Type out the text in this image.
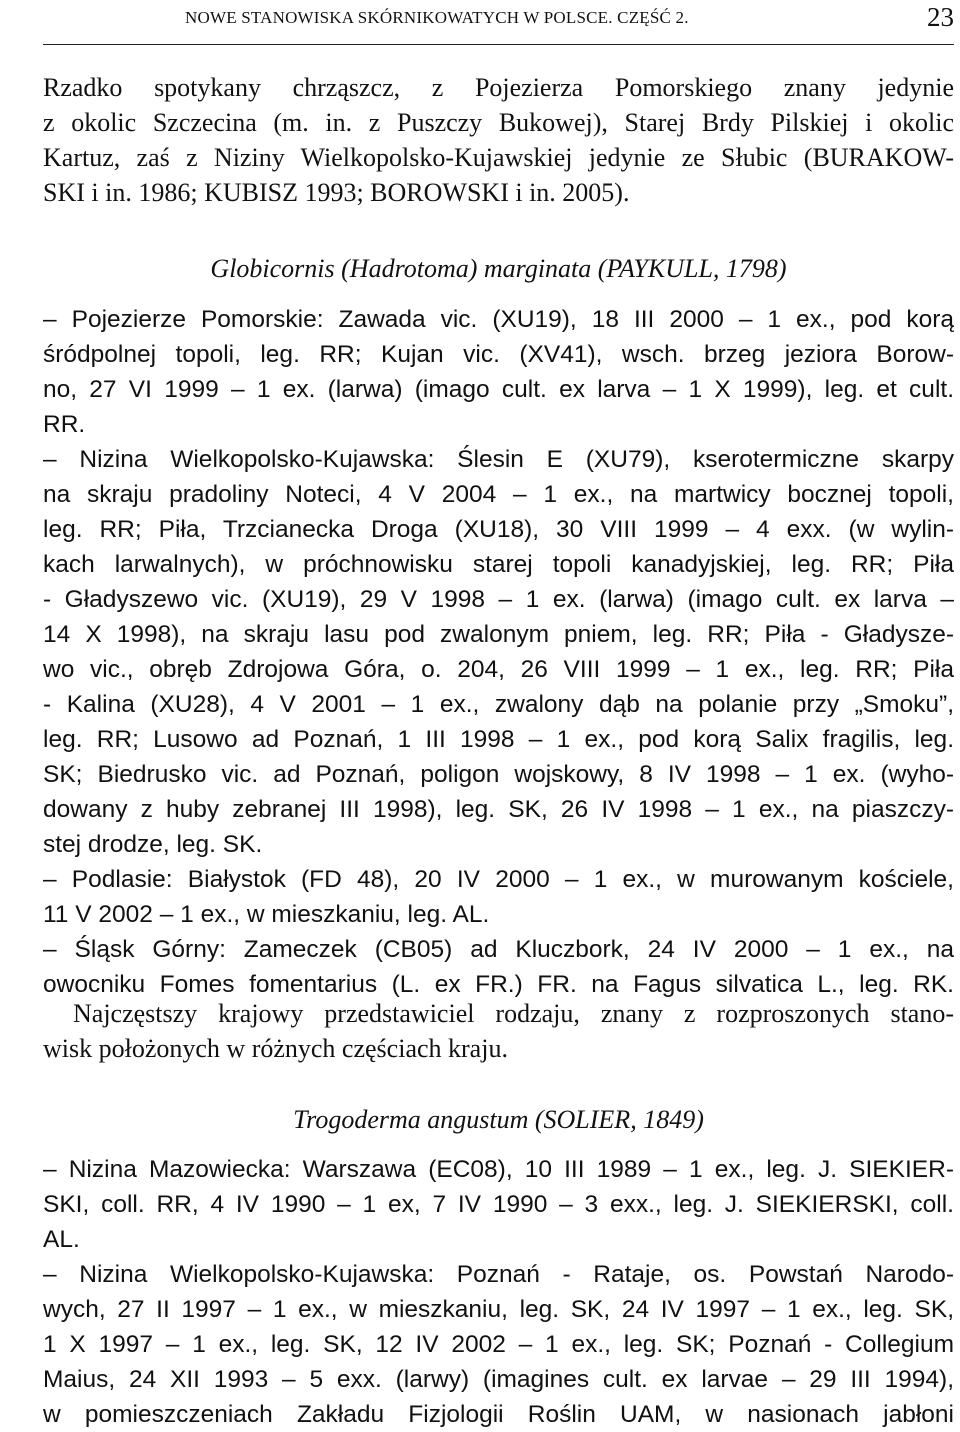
NOWE STANOWISKA SKÓRNIKOWATYCH W POLSCE. CZĘŚĆ 2.	23
Rzadko spotykany chrząszcz, z Pojezierza Pomorskiego znany jedynie
z okolic Szczecina (m. in. z Puszczy Bukowej), Starej Brdy Pilskiej i okolic
Kartuz, zaś z Niziny Wielkopolsko-Kujawskiej jedynie ze Słubic (BURAKOW-
SKI i in. 1986; KUBISZ 1993; BOROWSKI i in. 2005).
Globicornis (Hadrotoma) marginata (PAYKULL, 1798)
– Pojezierze Pomorskie: Zawada vic. (XU19), 18 III 2000 – 1 ex., pod korą
śródpolnej topoli, leg. RR; Kujan vic. (XV41), wsch. brzeg jeziora Borow-
no, 27 VI 1999 – 1 ex. (larwa) (imago cult. ex larva – 1 X 1999), leg. et cult.
RR.
– Nizina Wielkopolsko-Kujawska: Ślesin E (XU79), kserotermiczne skarpy
na skraju pradoliny Noteci, 4 V 2004 – 1 ex., na martwicy bocznej topoli,
leg. RR; Piła, Trzcianecka Droga (XU18), 30 VIII 1999 – 4 exx. (w wylin-
kach larwalnych), w próchnowisku starej topoli kanadyjskiej, leg. RR; Piła
- Gładyszewo vic. (XU19), 29 V 1998 – 1 ex. (larwa) (imago cult. ex larva –
14 X 1998), na skraju lasu pod zwalonym pniem, leg. RR; Piła - Gładysze-
wo vic., obręb Zdrojowa Góra, o. 204, 26 VIII 1999 – 1 ex., leg. RR; Piła
- Kalina (XU28), 4 V 2001 – 1 ex., zwalony dąb na polanie przy „Smoku”,
leg. RR; Lusowo ad Poznań, 1 III 1998 – 1 ex., pod korą Salix fragilis, leg.
SK; Biedrusko vic. ad Poznań, poligon wojskowy, 8 IV 1998 – 1 ex. (wyho-
dowany z huby zebranej III 1998), leg. SK, 26 IV 1998 – 1 ex., na piaszczy-
stej drodze, leg. SK.
– Podlasie: Białystok (FD 48), 20 IV 2000 – 1 ex., w murowanym kościele,
11 V 2002 – 1 ex., w mieszkaniu, leg. AL.
– Śląsk Górny: Zameczek (CB05) ad Kluczbork, 24 IV 2000 – 1 ex., na
owocniku Fomes fomentarius (L. ex FR.) FR. na Fagus silvatica L., leg. RK.
Najczęstszy krajowy przedstawiciel rodzaju, znany z rozproszonych stano-
wisk położonych w różnych częściach kraju.
Trogoderma angustum (SOLIER, 1849)
– Nizina Mazowiecka: Warszawa (EC08), 10 III 1989 – 1 ex., leg. J. SIEKIER-
SKI, coll. RR, 4 IV 1990 – 1 ex, 7 IV 1990 – 3 exx., leg. J. SIEKIERSKI, coll.
AL.
– Nizina Wielkopolsko-Kujawska: Poznań - Rataje, os. Powstań Narodo-
wych, 27 II 1997 – 1 ex., w mieszkaniu, leg. SK, 24 IV 1997 – 1 ex., leg. SK,
1 X 1997 – 1 ex., leg. SK, 12 IV 2002 – 1 ex., leg. SK; Poznań - Collegium
Maius, 24 XII 1993 – 5 exx. (larwy) (imagines cult. ex larvae – 29 III 1994),
w pomieszczeniach Zakładu Fizjologii Roślin UAM, w nasionach jabłoni
